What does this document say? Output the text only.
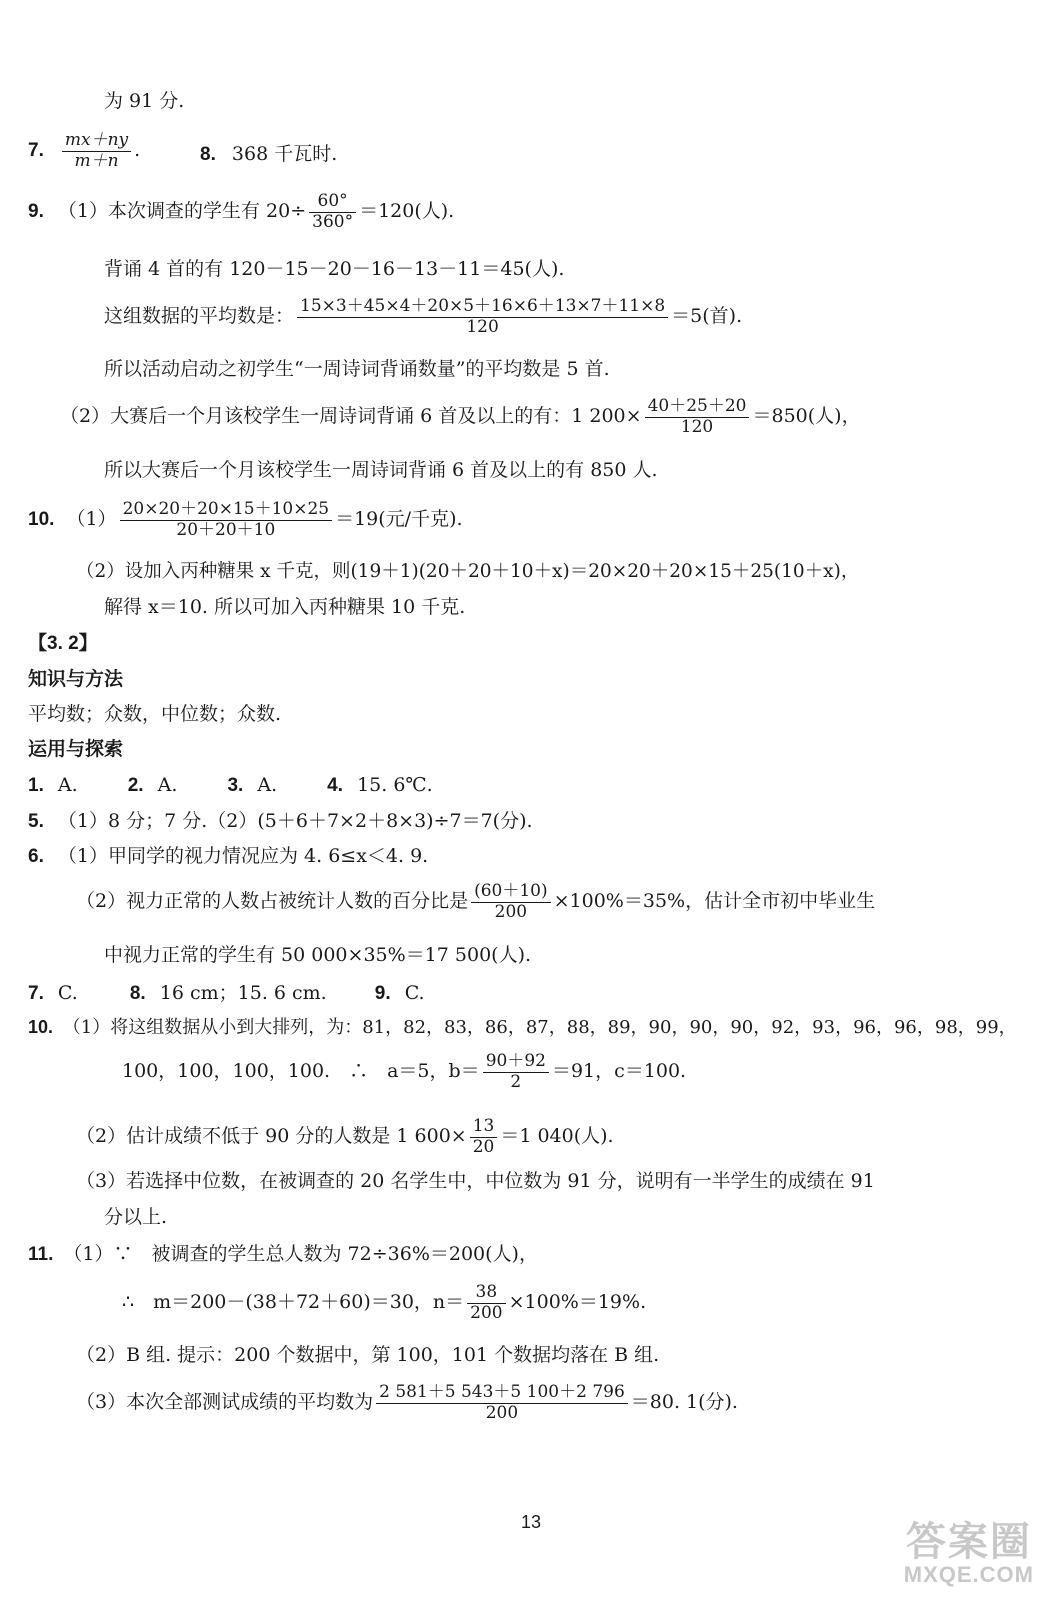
为 91 分.
7. $\frac{mx+ny}{m+n}$ .	8. 368 千瓦时.
9. （1）本次调查的学生有 $20\div \frac{60^\circ}{360^\circ} =120$(人).
背诵 4 首的有 120－15－20－16－13－11＝45(人).
这组数据的平均数是： $\frac{15\times 3+45\times 4+20\times 5+16\times 6+13\times 7+11\times 8}{120} =5$(首).
所以活动启动之初学生“一周诗词背诵数量”的平均数是 5 首.
（2）大赛后一个月该校学生一周诗词背诵 6 首及以上的有：1 $200\times \frac{40+25+20}{120} =850$(人)，
所以大赛后一个月该校学生一周诗词背诵 6 首及以上的有 850 人.
10. $(1) \frac{20\times 20+20\times 15+10\times 25}{20+20+10} =19$(元/千克).
（2）设加入丙种糖果 x 千克，则(19＋1)(20＋20＋10＋x)＝20×20＋20×15＋25(10＋x)，
解得 x＝10. 所以可加入丙种糖果 10 千克.
【3. 2】
知识与方法
平均数；众数，中位数；众数.
运用与探索
1. A.	2. A.	3. A.	4. 15. 6℃.
5. （1）8 分；7 分.（2）(5＋6＋7×2＋8×3)÷7＝7(分).
6. （1）甲同学的视力情况应为 4. 6≤x＜4. 9.
（2）视力正常的人数占被统计人数的百分比是 $\frac{(60+10)}{200} \times 100\%=35\%$，估计全市初中毕业生
中视力正常的学生有 50 000×35%＝17 500(人).
7. C.	8. 16 cm；15. 6 cm.	9. C.
10. （1）将这组数据从小到大排列，为：81，82，83，86，87，88，89，90，90，90，92，93，96，96，98，99，
100，100，100，100.　∴　a＝5，$b= \frac{90+92}{2} =91$，c＝100.
（2）估计成绩不低于 90 分的人数是 1 $600\times \frac{13}{20} =1$ 040(人).
（3）若选择中位数，在被调查的 20 名学生中，中位数为 91 分，说明有一半学生的成绩在 91
分以上.
11. （1）∵　被调查的学生总人数为 72÷36%＝200(人)，
∴　m＝200－(38＋72＋60)＝30，$n= \frac{38}{200} \times 100\%=19\%$.
（2）B 组. 提示：200 个数据中，第 100，101 个数据均落在 B 组.
（3）本次全部测试成绩的平均数为 $\frac{2 581+5 543+5 100+2 796}{200} =80$. 1(分).
13	答案圈
MXQE.COM
